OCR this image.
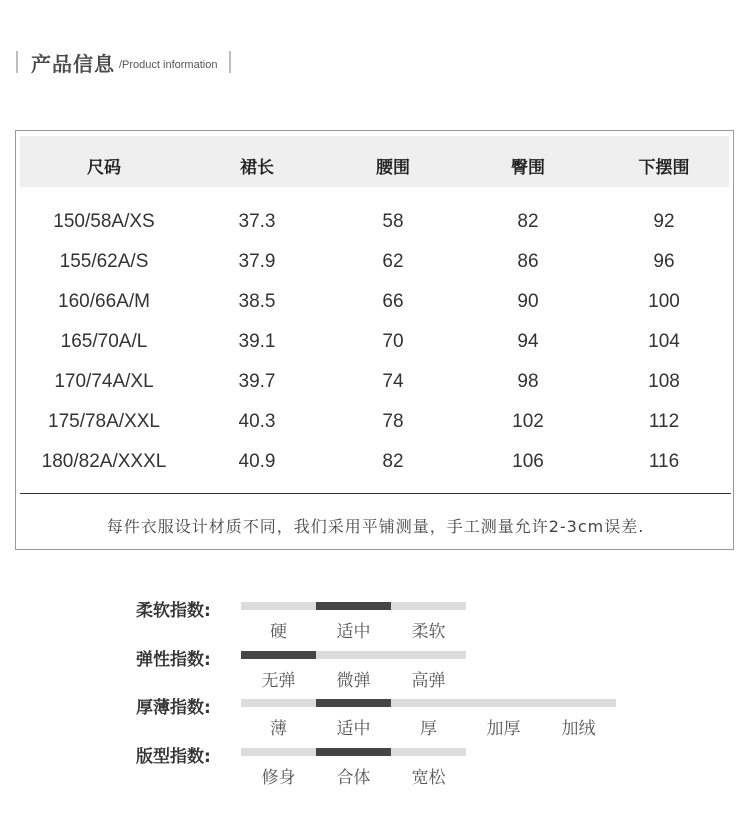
产品信息 /Product information
尺码	裙长	腰围	臀围	下摆围
150/58A/XS	37.3	58	82	92
155/62A/S	37.9	62	86	96
160/66A/M	38.5	66	90	100
165/70A/L	39.1	70	94	104
170/74A/XL	39.7	74	98	108
175/78A/XXL	40.3	78	102	112
180/82A/XXXL	40.9	82	106	116
每件衣服设计材质不同，我们采用平铺测量，手工测量允许2-3cm误差.
柔软指数:
硬	适中	柔软
弹性指数:
无弹	微弹	高弹
厚薄指数:
薄	适中	厚	加厚	加绒
版型指数:
修身	合体	宽松
